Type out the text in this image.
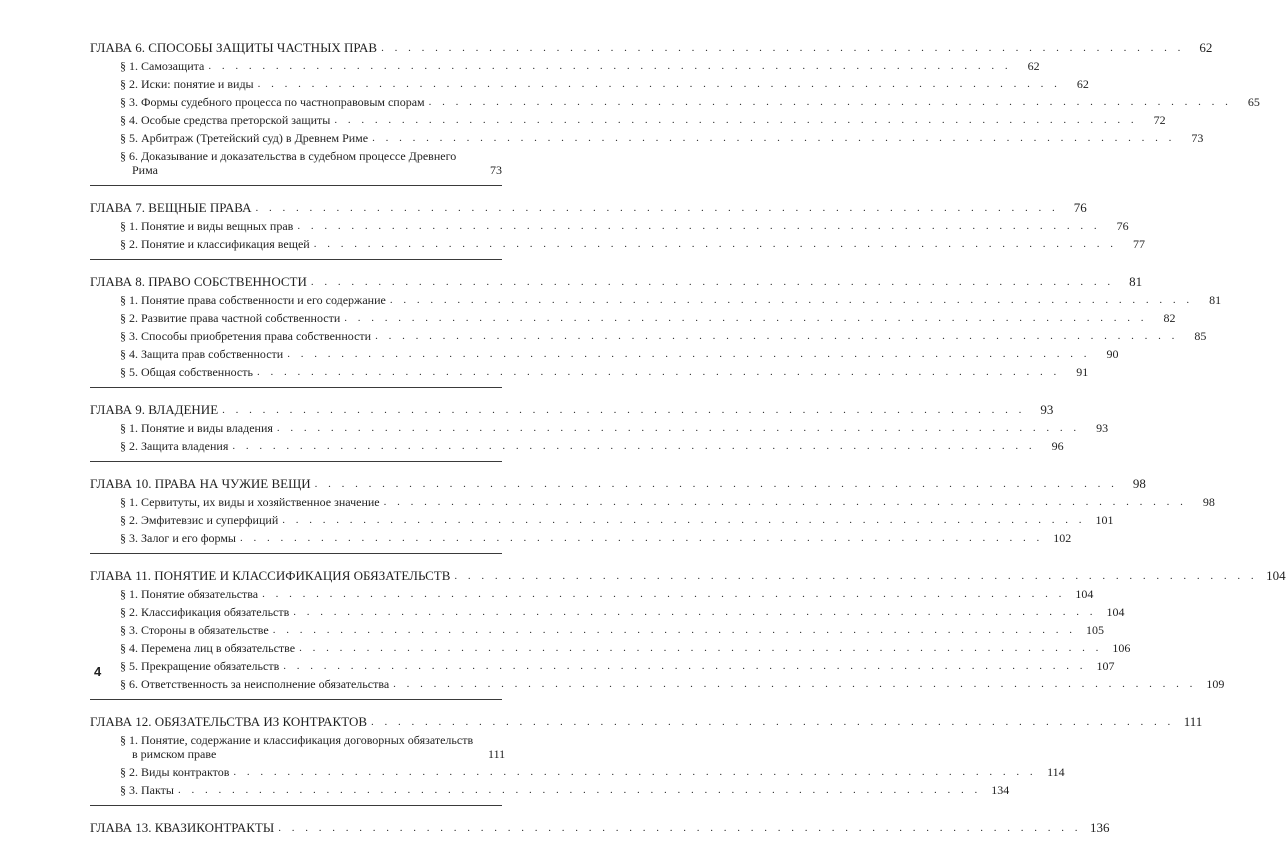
ГЛАВА 6. СПОСОБЫ ЗАЩИТЫ ЧАСТНЫХ ПРАВ . . . . . . . . . . . . . . . . . . . . . . . . . . . . . . . . . . . . . . . . . . . . . . . . . . . . . . . . . . . .	62
§ 1. Самозащита . . . . . . . . . . . . . . . . . . . . . . . . . . . . . . . . . . . . . . . . . . . . . . . . . . . . . . . . . . . .	62
§ 2. Иски: понятие и виды . . . . . . . . . . . . . . . . . . . . . . . . . . . . . . . . . . . . . . . . . . . . . . . . . . . . . . . . . . . .	62
§ 3. Формы судебного процесса по частноправовым спорам . . . . . . . . . . . . . . . . . . . . . . . . . . . . . . . . . . . . . . . . . . . . . . . . . . . . . . . . . . . .	65
§ 4. Особые средства преторской защиты . . . . . . . . . . . . . . . . . . . . . . . . . . . . . . . . . . . . . . . . . . . . . . . . . . . . . . . . . . . .	72
§ 5. Арбитраж (Третейский суд) в Древнем Риме . . . . . . . . . . . . . . . . . . . . . . . . . . . . . . . . . . . . . . . . . . . . . . . . . . . . . . . . . . . .	73
§ 6. Доказывание и доказательства в судебном процессе Древнего
Рима	73
ГЛАВА 7. ВЕЩНЫЕ ПРАВА . . . . . . . . . . . . . . . . . . . . . . . . . . . . . . . . . . . . . . . . . . . . . . . . . . . . . . . . . . . .	76
§ 1. Понятие и виды вещных прав . . . . . . . . . . . . . . . . . . . . . . . . . . . . . . . . . . . . . . . . . . . . . . . . . . . . . . . . . . . .	76
§ 2. Понятие и классификация вещей . . . . . . . . . . . . . . . . . . . . . . . . . . . . . . . . . . . . . . . . . . . . . . . . . . . . . . . . . . . .	77
ГЛАВА 8. ПРАВО СОБСТВЕННОСТИ . . . . . . . . . . . . . . . . . . . . . . . . . . . . . . . . . . . . . . . . . . . . . . . . . . . . . . . . . . . .	81
§ 1. Понятие права собственности и его содержание . . . . . . . . . . . . . . . . . . . . . . . . . . . . . . . . . . . . . . . . . . . . . . . . . . . . . . . . . . . .	81
§ 2. Развитие права частной собственности . . . . . . . . . . . . . . . . . . . . . . . . . . . . . . . . . . . . . . . . . . . . . . . . . . . . . . . . . . . .	82
§ 3. Способы приобретения права собственности . . . . . . . . . . . . . . . . . . . . . . . . . . . . . . . . . . . . . . . . . . . . . . . . . . . . . . . . . . . .	85
§ 4. Защита прав собственности . . . . . . . . . . . . . . . . . . . . . . . . . . . . . . . . . . . . . . . . . . . . . . . . . . . . . . . . . . . .	90
§ 5. Общая собственность . . . . . . . . . . . . . . . . . . . . . . . . . . . . . . . . . . . . . . . . . . . . . . . . . . . . . . . . . . . .	91
ГЛАВА 9. ВЛАДЕНИЕ . . . . . . . . . . . . . . . . . . . . . . . . . . . . . . . . . . . . . . . . . . . . . . . . . . . . . . . . . . . .	93
§ 1. Понятие и виды владения . . . . . . . . . . . . . . . . . . . . . . . . . . . . . . . . . . . . . . . . . . . . . . . . . . . . . . . . . . . .	93
§ 2. Защита владения . . . . . . . . . . . . . . . . . . . . . . . . . . . . . . . . . . . . . . . . . . . . . . . . . . . . . . . . . . . .	96
ГЛАВА 10. ПРАВА НА ЧУЖИЕ ВЕЩИ . . . . . . . . . . . . . . . . . . . . . . . . . . . . . . . . . . . . . . . . . . . . . . . . . . . . . . . . . . . .	98
§ 1. Сервитуты, их виды и хозяйственное значение . . . . . . . . . . . . . . . . . . . . . . . . . . . . . . . . . . . . . . . . . . . . . . . . . . . . . . . . . . . .	98
§ 2. Эмфитевзис и суперфиций . . . . . . . . . . . . . . . . . . . . . . . . . . . . . . . . . . . . . . . . . . . . . . . . . . . . . . . . . . . . 101
§ 3. Залог и его формы . . . . . . . . . . . . . . . . . . . . . . . . . . . . . . . . . . . . . . . . . . . . . . . . . . . . . . . . . . . . 102
ГЛАВА 11. ПОНЯТИЕ И КЛАССИФИКАЦИЯ ОБЯЗАТЕЛЬСТВ . . . . . . . . . . . . . . . . . . . . . . . . . . . . . . . . . . . . . . . . . . . . . . . . . . . . . . . . . . . . 104
§ 1. Понятие обязательства . . . . . . . . . . . . . . . . . . . . . . . . . . . . . . . . . . . . . . . . . . . . . . . . . . . . . . . . . . . . 104
§ 2. Классификация обязательств . . . . . . . . . . . . . . . . . . . . . . . . . . . . . . . . . . . . . . . . . . . . . . . . . . . . . . . . . . . . 104
§ 3. Стороны в обязательстве . . . . . . . . . . . . . . . . . . . . . . . . . . . . . . . . . . . . . . . . . . . . . . . . . . . . . . . . . . . . 105
§ 4. Перемена лиц в обязательстве . . . . . . . . . . . . . . . . . . . . . . . . . . . . . . . . . . . . . . . . . . . . . . . . . . . . . . . . . . . . 106
§ 5. Прекращение обязательств . . . . . . . . . . . . . . . . . . . . . . . . . . . . . . . . . . . . . . . . . . . . . . . . . . . . . . . . . . . . 107
§ 6. Ответственность за неисполнение обязательства . . . . . . . . . . . . . . . . . . . . . . . . . . . . . . . . . . . . . . . . . . . . . . . . . . . . . . . . . . . . 109
ГЛАВА 12. ОБЯЗАТЕЛЬСТВА ИЗ КОНТРАКТОВ . . . . . . . . . . . . . . . . . . . . . . . . . . . . . . . . . . . . . . . . . . . . . . . . . . . . . . . . . . . . 111
§ 1. Понятие, содержание и классификация договорных обязательств
в римском праве	111
§ 2. Виды контрактов . . . . . . . . . . . . . . . . . . . . . . . . . . . . . . . . . . . . . . . . . . . . . . . . . . . . . . . . . . . . 114
§ 3. Пакты . . . . . . . . . . . . . . . . . . . . . . . . . . . . . . . . . . . . . . . . . . . . . . . . . . . . . . . . . . . . 134
ГЛАВА 13. КВАЗИКОНТРАКТЫ . . . . . . . . . . . . . . . . . . . . . . . . . . . . . . . . . . . . . . . . . . . . . . . . . . . . . . . . . . . . 136
4
